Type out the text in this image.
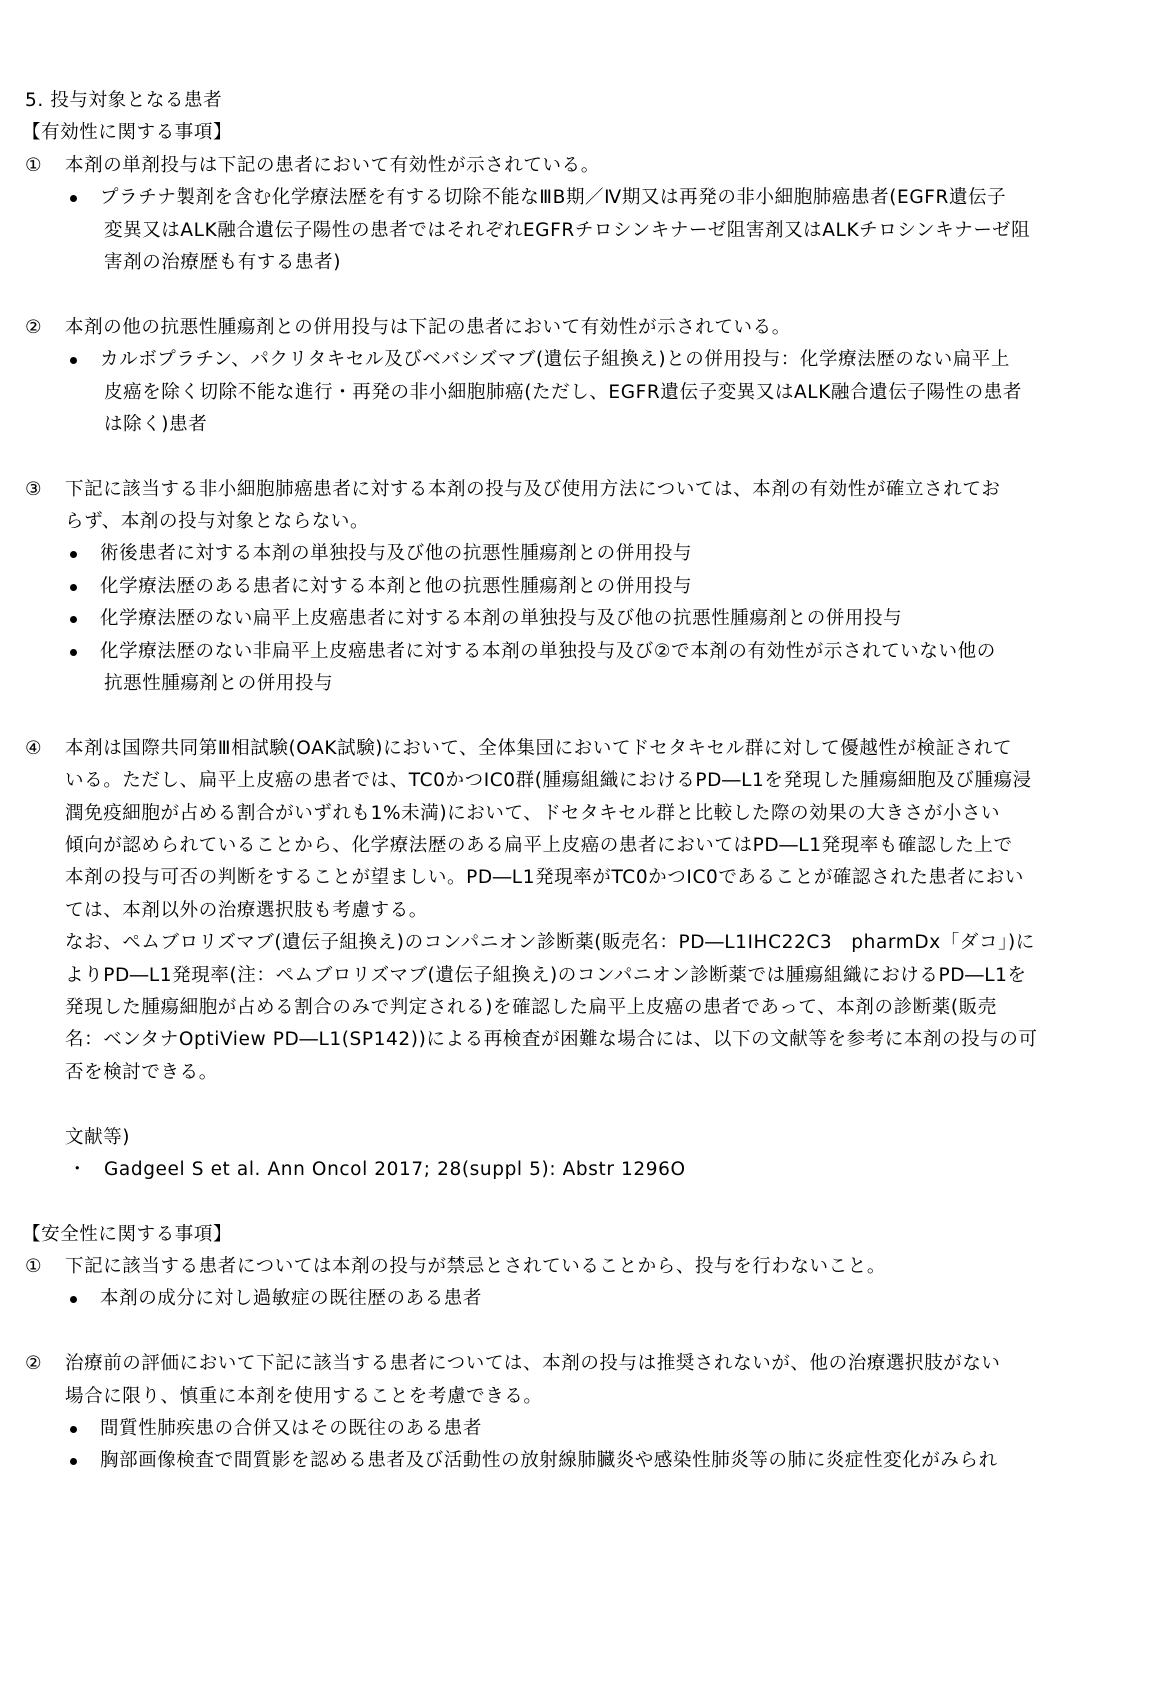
5. 投与対象となる患者
【有効性に関する事項】
① 本剤の単剤投与は下記の患者において有効性が示されている。
プラチナ製剤を含む化学療法歴を有する切除不能なⅢB期／Ⅳ期又は再発の非小細胞肺癌患者(EGFR遺伝子
変異又はALK融合遺伝子陽性の患者ではそれぞれEGFRチロシンキナーゼ阻害剤又はALKチロシンキナーゼ阻
害剤の治療歴も有する患者)
② 本剤の他の抗悪性腫瘍剤との併用投与は下記の患者において有効性が示されている。
カルボプラチン、パクリタキセル及びベバシズマブ(遺伝子組換え)との併用投与：化学療法歴のない扁平上
皮癌を除く切除不能な進行・再発の非小細胞肺癌(ただし、EGFR遺伝子変異又はALK融合遺伝子陽性の患者
は除く)患者
③ 下記に該当する非小細胞肺癌患者に対する本剤の投与及び使用方法については、本剤の有効性が確立されてお
らず、本剤の投与対象とならない。
術後患者に対する本剤の単独投与及び他の抗悪性腫瘍剤との併用投与
化学療法歴のある患者に対する本剤と他の抗悪性腫瘍剤との併用投与
化学療法歴のない扁平上皮癌患者に対する本剤の単独投与及び他の抗悪性腫瘍剤との併用投与
化学療法歴のない非扁平上皮癌患者に対する本剤の単独投与及び②で本剤の有効性が示されていない他の
抗悪性腫瘍剤との併用投与
④ 本剤は国際共同第Ⅲ相試験(OAK試験)において、全体集団においてドセタキセル群に対して優越性が検証されて
いる。ただし、扁平上皮癌の患者では、TC0かつIC0群(腫瘍組織におけるPD―L1を発現した腫瘍細胞及び腫瘍浸
潤免疫細胞が占める割合がいずれも1%未満)において、ドセタキセル群と比較した際の効果の大きさが小さい
傾向が認められていることから、化学療法歴のある扁平上皮癌の患者においてはPD―L1発現率も確認した上で
本剤の投与可否の判断をすることが望ましい。PD―L1発現率がTC0かつIC0であることが確認された患者におい
ては、本剤以外の治療選択肢も考慮する。
なお、ペムブロリズマブ(遺伝子組換え)のコンパニオン診断薬(販売名：PD―L1IHC22C3　pharmDx「ダコ」)に
よりPD―L1発現率(注：ペムブロリズマブ(遺伝子組換え)のコンパニオン診断薬では腫瘍組織におけるPD―L1を
発現した腫瘍細胞が占める割合のみで判定される)を確認した扁平上皮癌の患者であって、本剤の診断薬(販売
名：ベンタナOptiView PD―L1(SP142))による再検査が困難な場合には、以下の文献等を参考に本剤の投与の可
否を検討できる。
文献等)
・ Gadgeel S et al. Ann Oncol 2017; 28(suppl 5): Abstr 1296O
【安全性に関する事項】
① 下記に該当する患者については本剤の投与が禁忌とされていることから、投与を行わないこと。
本剤の成分に対し過敏症の既往歴のある患者
② 治療前の評価において下記に該当する患者については、本剤の投与は推奨されないが、他の治療選択肢がない
場合に限り、慎重に本剤を使用することを考慮できる。
間質性肺疾患の合併又はその既往のある患者
胸部画像検査で間質影を認める患者及び活動性の放射線肺臓炎や感染性肺炎等の肺に炎症性変化がみられ
